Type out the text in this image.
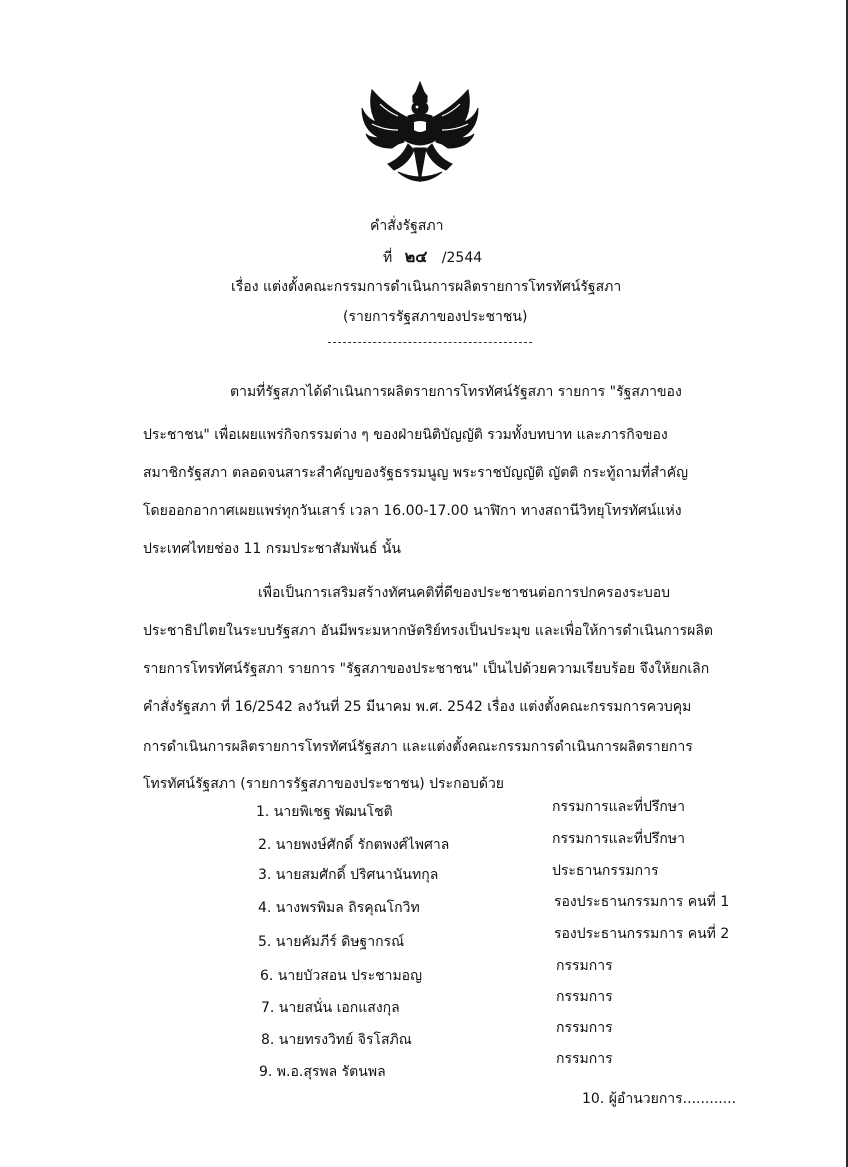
คำสั่งรัฐสภา
ที่ ๒๔ /2544
เรื่อง แต่งตั้งคณะกรรมการดำเนินการผลิตรายการโทรทัศน์รัฐสภา
(รายการรัฐสภาของประชาชน)
ตามที่รัฐสภาได้ดำเนินการผลิตรายการโทรทัศน์รัฐสภา รายการ "รัฐสภาของ
ประชาชน" เพื่อเผยแพร่กิจกรรมต่าง ๆ ของฝ่ายนิติบัญญัติ รวมทั้งบทบาท และภารกิจของ
สมาชิกรัฐสภา ตลอดจนสาระสำคัญของรัฐธรรมนูญ พระราชบัญญัติ ญัตติ กระทู้ถามที่สำคัญ
โดยออกอากาศเผยแพร่ทุกวันเสาร์ เวลา 16.00-17.00 นาฬิกา ทางสถานีวิทยุโทรทัศน์แห่ง
ประเทศไทยช่อง 11 กรมประชาสัมพันธ์ นั้น
เพื่อเป็นการเสริมสร้างทัศนคติที่ดีของประชาชนต่อการปกครองระบอบ
ประชาธิปไตยในระบบรัฐสภา อันมีพระมหากษัตริย์ทรงเป็นประมุข และเพื่อให้การดำเนินการผลิต
รายการโทรทัศน์รัฐสภา รายการ "รัฐสภาของประชาชน" เป็นไปด้วยความเรียบร้อย จึงให้ยกเลิก
คำสั่งรัฐสภา ที่ 16/2542 ลงวันที่ 25 มีนาคม พ.ศ. 2542 เรื่อง แต่งตั้งคณะกรรมการควบคุม
การดำเนินการผลิตรายการโทรทัศน์รัฐสภา และแต่งตั้งคณะกรรมการดำเนินการผลิตรายการ
โทรทัศน์รัฐสภา (รายการรัฐสภาของประชาชน) ประกอบด้วย
1. นายพิเชฐ พัฒนโชติ	กรรมการและที่ปรึกษา
2. นายพงษ์ศักดิ์ รักตพงศ์ไพศาล	กรรมการและที่ปรึกษา
3. นายสมศักดิ์ ปริศนานันทกุล	ประธานกรรมการ
4. นางพรพิมล ถิรคุณโกวิท	รองประธานกรรมการ คนที่ 1
5. นายคัมภีร์ ดิษฐากรณ์	รองประธานกรรมการ คนที่ 2
6. นายบัวสอน ประชามอญ
กรรมการ
7. นายสนั่น เอกแสงกุล
กรรมการ
8. นายทรงวิทย์ จิรโสภิณ
กรรมการ
9. พ.อ.สุรพล รัตนพล
กรรมการ
10. ผู้อำนวยการ............
